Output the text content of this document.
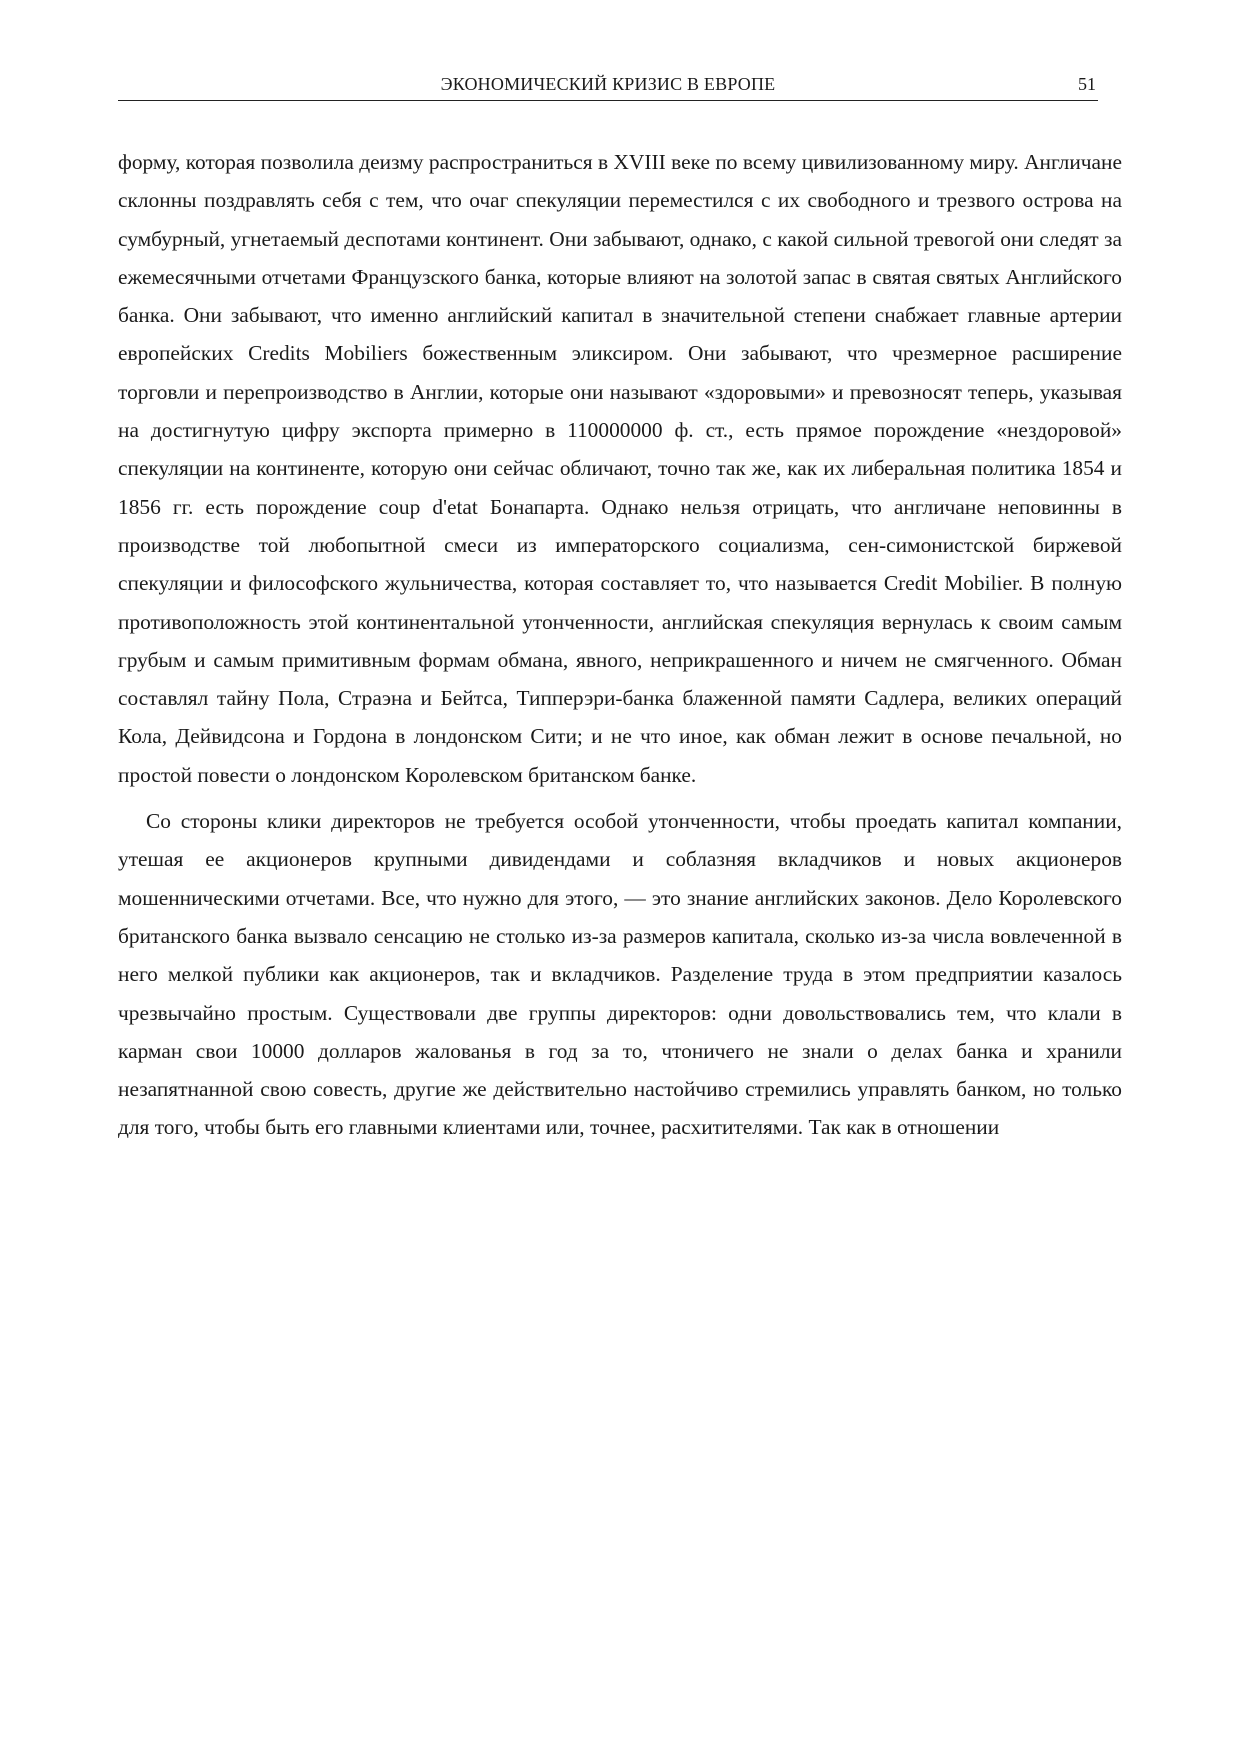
ЭКОНОМИЧЕСКИЙ КРИЗИС В ЕВРОПЕ	51

форму, которая позволила деизму распространиться в XVIII веке по всему цивилизованному миру. Англичане склонны поздравлять себя с тем, что очаг спекуляции переместился с их свободного и трезвого острова на сумбурный, угнетаемый деспотами континент. Они забывают, однако, с какой сильной тревогой они следят за ежемесячными отчетами Французского банка, которые влияют на золотой запас в святая святых Английского банка. Они забывают, что именно английский капитал в значительной степени снабжает главные артерии европейских Credits Mobiliers божественным эликсиром. Они забывают, что чрезмерное расширение торговли и перепроизводство в Англии, которые они называют «здоровыми» и превозносят теперь, указывая на достигнутую цифру экспорта примерно в 110000000 ф. ст., есть прямое порождение «нездоровой» спекуляции на континенте, которую они сейчас обличают, точно так же, как их либеральная политика 1854 и 1856 гг. есть порождение coup d'etat Бонапарта. Однако нельзя отрицать, что англичане неповинны в производстве той любопытной смеси из императорского социализма, сен-симонистской биржевой спекуляции и философского жульничества, которая составляет то, что называется Credit Mobilier. В полную противоположность этой континентальной утонченности, английская спекуляция вернулась к своим самым грубым и самым примитивным формам обмана, явного, неприкрашенного и ничем не смягченного. Обман составлял тайну Пола, Страэна и Бейтса, Типперэри-банка блаженной памяти Садлера, великих операций Кола, Дейвидсона и Гордона в лондонском Сити; и не что иное, как обман лежит в основе печальной, но простой повести о лондонском Королевском британском банке.

Со стороны клики директоров не требуется особой утонченности, чтобы проедать капитал компании, утешая ее акционеров крупными дивидендами и соблазняя вкладчиков и новых акционеров мошенническими отчетами. Все, что нужно для этого, — это знание английских законов. Дело Королевского британского банка вызвало сенсацию не столько из-за размеров капитала, сколько из-за числа вовлеченной в него мелкой публики как акционеров, так и вкладчиков. Разделение труда в этом предприятии казалось чрезвычайно простым. Существовали две группы директоров: одни довольствовались тем, что клали в карман свои 10000 долларов жалованья в год за то, чтоничего не знали о делах банка и хранили незапятнанной свою совесть, другие же действительно настойчиво стремились управлять банком, но только для того, чтобы быть его главными клиентами или, точнее, расхитителями. Так как в отношении
